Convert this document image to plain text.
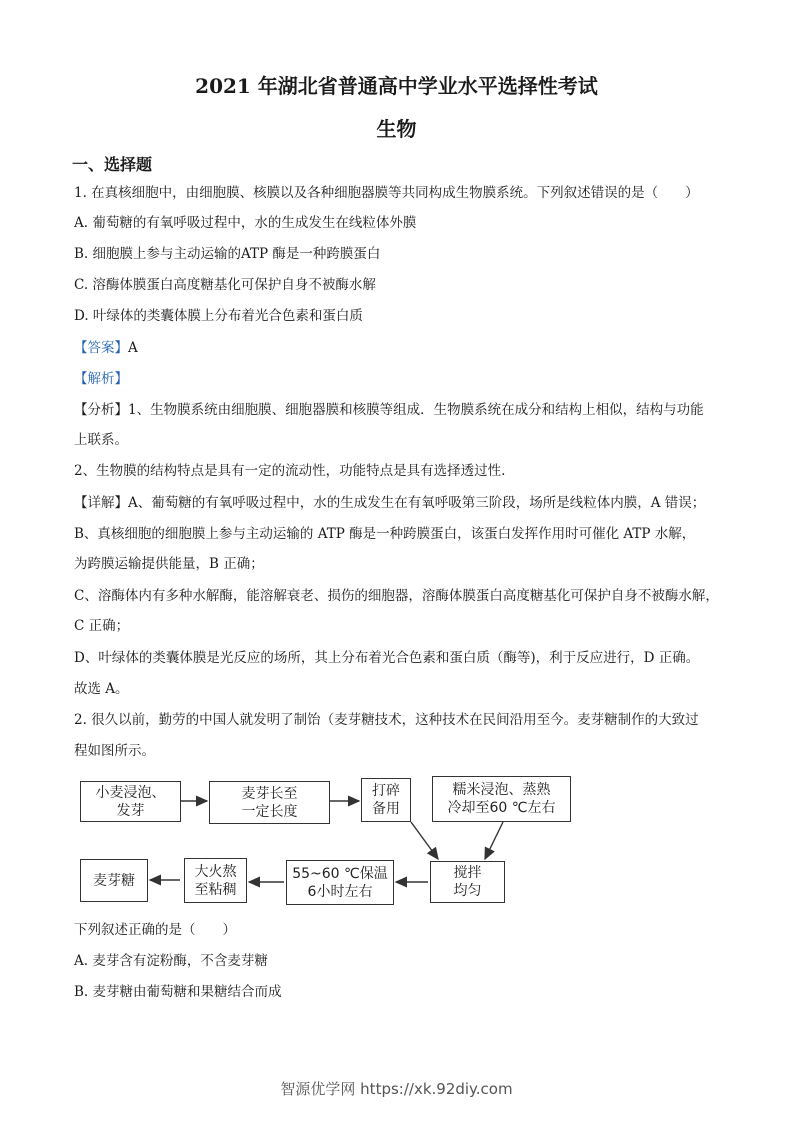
2021 年湖北省普通高中学业水平选择性考试
生物
一、选择题
1. 在真核细胞中，由细胞膜、核膜以及各种细胞器膜等共同构成生物膜系统。下列叙述错误的是（　　）
A. 葡萄糖的有氧呼吸过程中，水的生成发生在线粒体外膜
B. 细胞膜上参与主动运输的ATP 酶是一种跨膜蛋白
C. 溶酶体膜蛋白高度糖基化可保护自身不被酶水解
D. 叶绿体的类囊体膜上分布着光合色素和蛋白质
【答案】A
【解析】
【分析】1、生物膜系统由细胞膜、细胞器膜和核膜等组成．生物膜系统在成分和结构上相似，结构与功能
上联系。
2、生物膜的结构特点是具有一定的流动性，功能特点是具有选择透过性.
【详解】A、葡萄糖的有氧呼吸过程中，水的生成发生在有氧呼吸第三阶段，场所是线粒体内膜，A 错误；
B、真核细胞的细胞膜上参与主动运输的 ATP 酶是一种跨膜蛋白，该蛋白发挥作用时可催化 ATP 水解，
为跨膜运输提供能量，B 正确；
C、溶酶体内有多种水解酶，能溶解衰老、损伤的细胞器，溶酶体膜蛋白高度糖基化可保护自身不被酶水解，
C 正确；
D、叶绿体的类囊体膜是光反应的场所，其上分布着光合色素和蛋白质（酶等)，利于反应进行，D 正确。
故选 A。
2. 很久以前，勤劳的中国人就发明了制饴（麦芽糖技术，这种技术在民间沿用至今。麦芽糖制作的大致过
程如图所示。
小麦浸泡、
发芽
麦芽长至
一定长度
打碎
备用
糯米浸泡、蒸熟
冷却至60 ℃左右
搅拌
均匀
55~60 ℃保温
6小时左右
大火熬
至粘稠
麦芽糖
下列叙述正确的是（　　）
A. 麦芽含有淀粉酶，不含麦芽糖
B. 麦芽糖由葡萄糖和果糖结合而成
智源优学网 https://xk.92diy.com
